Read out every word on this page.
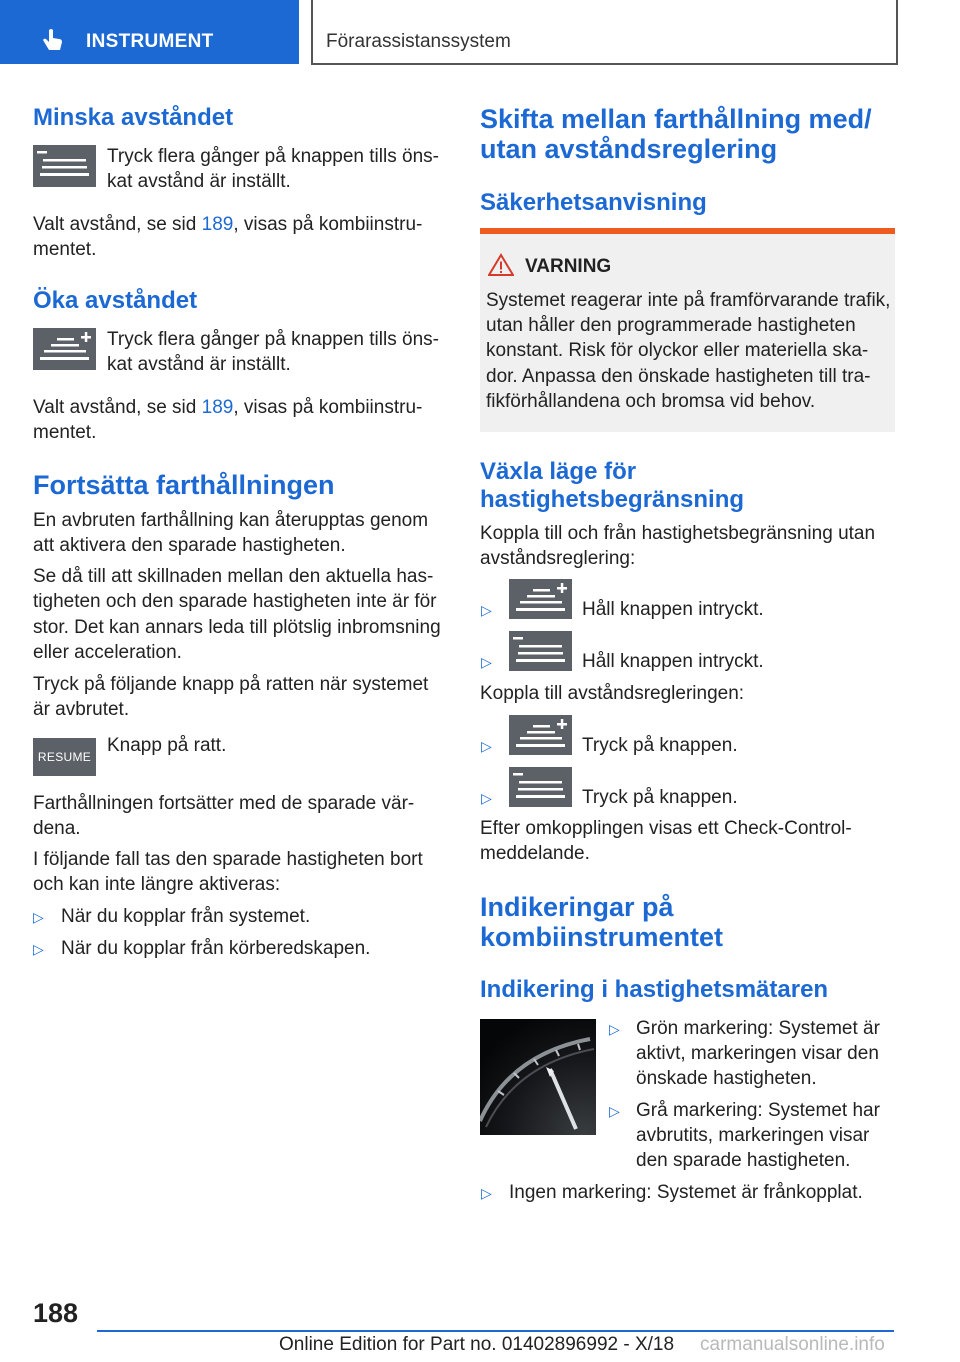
INSTRUMENT	Förarassistanssystem
Minska avståndet
Tryck flera gånger på knappen tills öns-
kat avstånd är inställt.
Valt avstånd, se sid 189, visas på kombiinstru-
mentet.
Öka avståndet
Tryck flera gånger på knappen tills öns-
kat avstånd är inställt.
Valt avstånd, se sid 189, visas på kombiinstru-
mentet.
Fortsätta farthållningen
En avbruten farthållning kan återupptas genom
att aktivera den sparade hastigheten.
Se då till att skillnaden mellan den aktuella has-
tigheten och den sparade hastigheten inte är för
stor. Det kan annars leda till plötslig inbromsning
eller acceleration.
Tryck på följande knapp på ratten när systemet
är avbrutet.
RESUME
Knapp på ratt.
Farthållningen fortsätter med de sparade vär-
dena.
I följande fall tas den sparade hastigheten bort
och kan inte längre aktiveras:
▷ När du kopplar från systemet.
▷ När du kopplar från körberedskapen.
Skifta mellan farthållning med/
utan avståndsreglering
Säkerhetsanvisning
VARNING
Systemet reagerar inte på framförvarande trafik,
utan håller den programmerade hastigheten
konstant. Risk för olyckor eller materiella ska-
dor. Anpassa den önskade hastigheten till tra-
fikförhållandena och bromsa vid behov.
Växla läge för
hastighetsbegränsning
Koppla till och från hastighetsbegränsning utan
avståndsreglering:
▷	Håll knappen intryckt.
▷	Håll knappen intryckt.
Koppla till avståndsregleringen:
▷	Tryck på knappen.
▷	Tryck på knappen.
Efter omkopplingen visas ett Check-Control-
meddelande.
Indikeringar på
kombiinstrumentet
Indikering i hastighetsmätaren
▷ Grön markering: Systemet är
aktivt, markeringen visar den
önskade hastigheten.
▷ Grå markering: Systemet har
avbrutits, markeringen visar
den sparade hastigheten.
▷ Ingen markering: Systemet är frånkopplat.
188
Online Edition for Part no. 01402896992 - X/18 carmanualsonline.info
